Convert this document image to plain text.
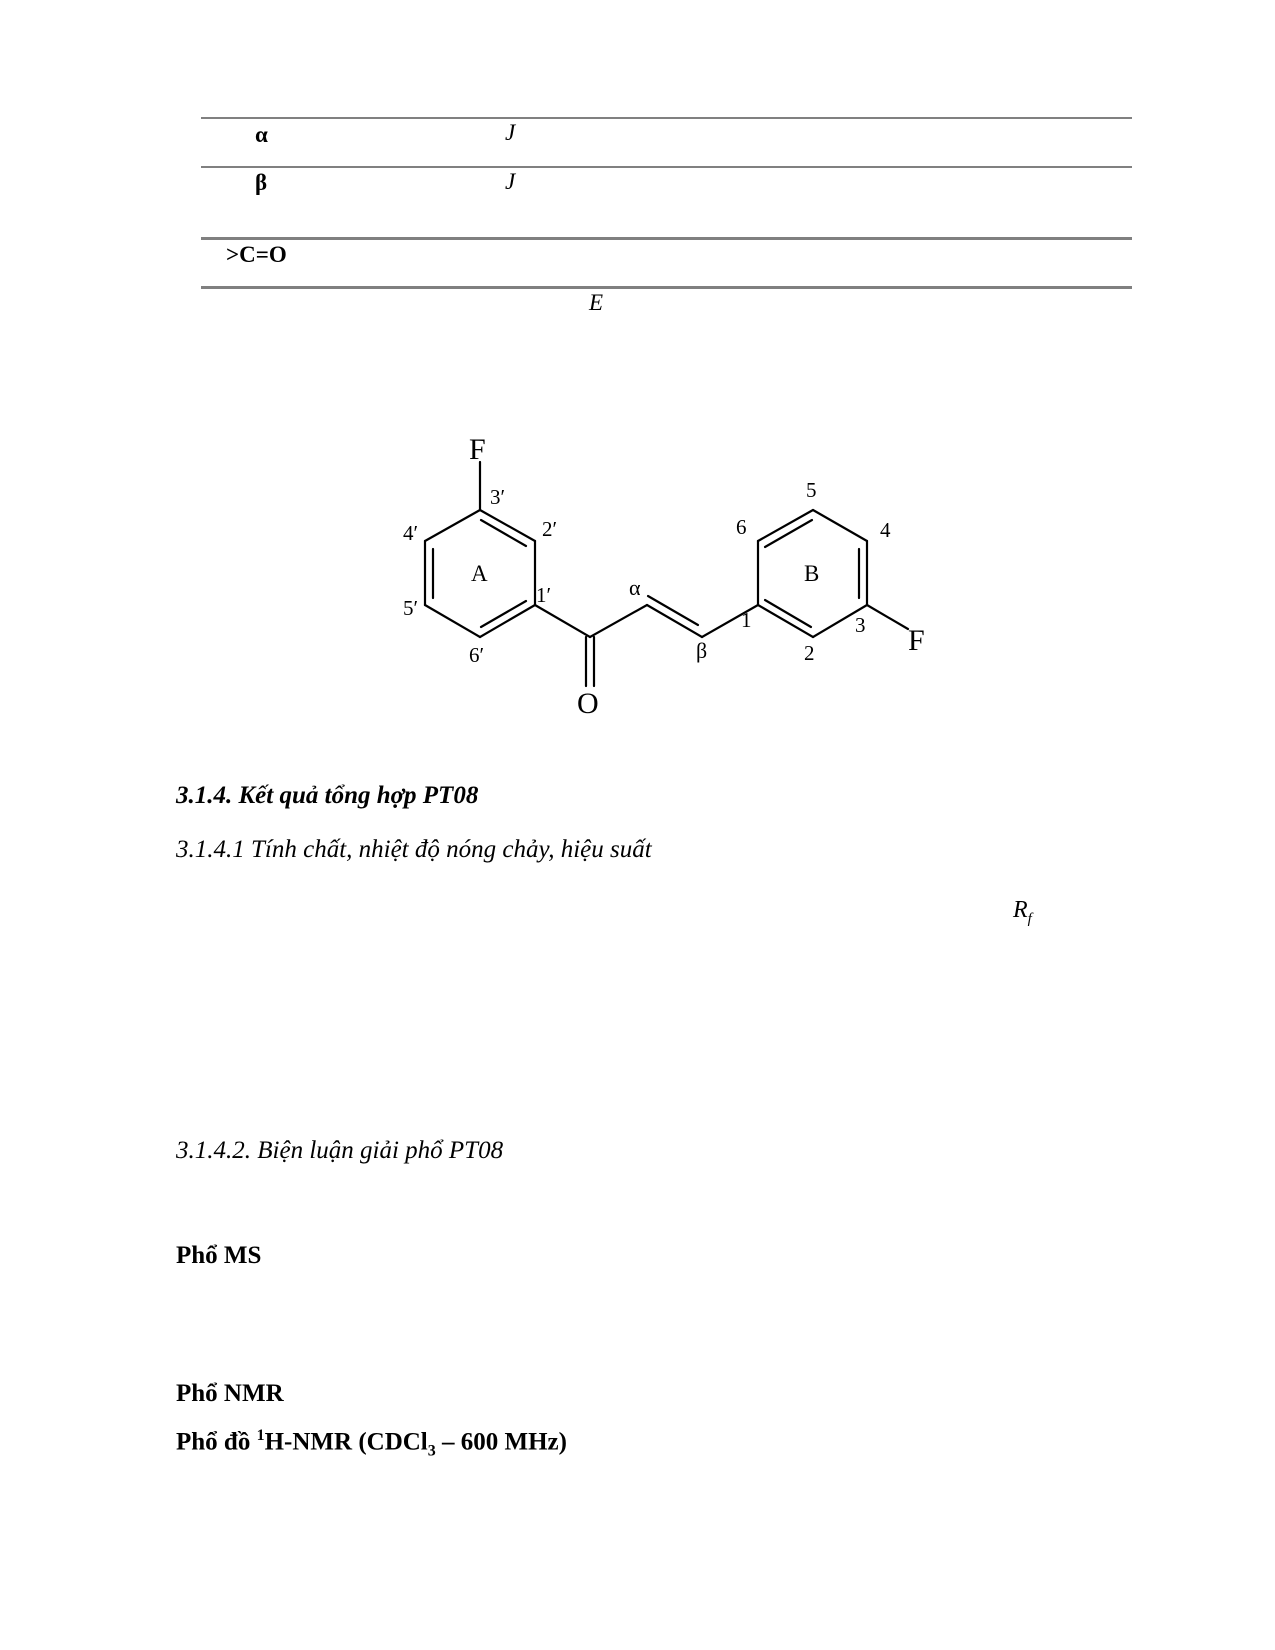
α	J
β	J
>C=O
E
F
F
O
A	B
3′
2′
4′
5′
6′
1′	α
β
1
2
3
4
5
6
3.1.4. Kết quả tổng hợp PT08
3.1.4.1 Tính chất, nhiệt độ nóng chảy, hiệu suất
$R_f$
3.1.4.2. Biện luận giải phổ PT08
Phổ MS
Phổ NMR
Phổ đồ $^1$H-NMR (CDCl$_3$ – 600 MHz)
